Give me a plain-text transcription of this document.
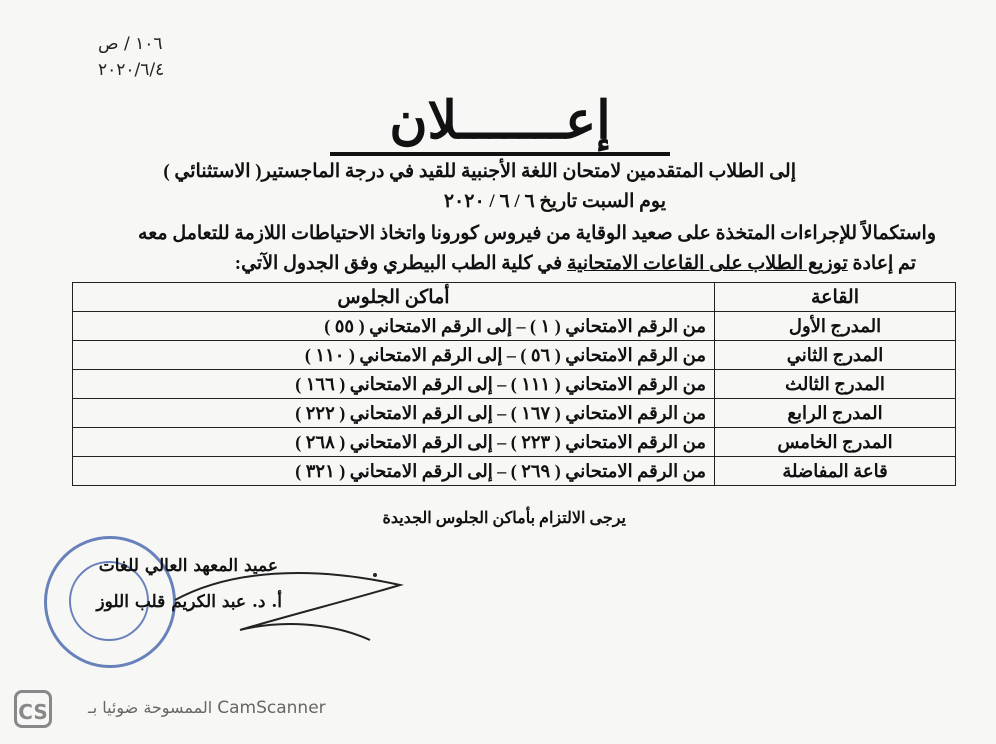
١٠٦ / ص
٢٠٢٠/٦/٤
إعـــــــلان
إلى الطلاب المتقدمين لامتحان اللغة الأجنبية للقيد في درجة الماجستير( الاستثنائي )
يوم السبت تاريخ ٦ / ٦ / ٢٠٢٠
واستكمالاً للإجراءات المتخذة على صعيد الوقاية من فيروس كورونا واتخاذ الاحتياطات اللازمة للتعامل معه
تم إعادة توزيع الطلاب على القاعات الامتحانية في كلية الطب البيطري وفق الجدول الآتي:
القاعة	أماكن الجلوس
المدرج الأول	من الرقم الامتحاني ( ١ ) – إلى الرقم الامتحاني ( ٥٥ )
المدرج الثاني	من الرقم الامتحاني ( ٥٦ ) – إلى الرقم الامتحاني ( ١١٠ )
المدرج الثالث	من الرقم الامتحاني ( ١١١ ) – إلى الرقم الامتحاني ( ١٦٦ )
المدرج الرابع	من الرقم الامتحاني ( ١٦٧ ) – إلى الرقم الامتحاني ( ٢٢٢ )
المدرج الخامس	من الرقم الامتحاني ( ٢٢٣ ) – إلى الرقم الامتحاني ( ٢٦٨ )
قاعة المفاضلة	من الرقم الامتحاني ( ٢٦٩ ) – إلى الرقم الامتحاني ( ٣٢١ )
يرجى الالتزام بأماكن الجلوس الجديدة
عميد المعهد العالي للغات
أ. د. عبد الكريم قلب اللوز
CS	الممسوحة ضوئيا بـ CamScanner
